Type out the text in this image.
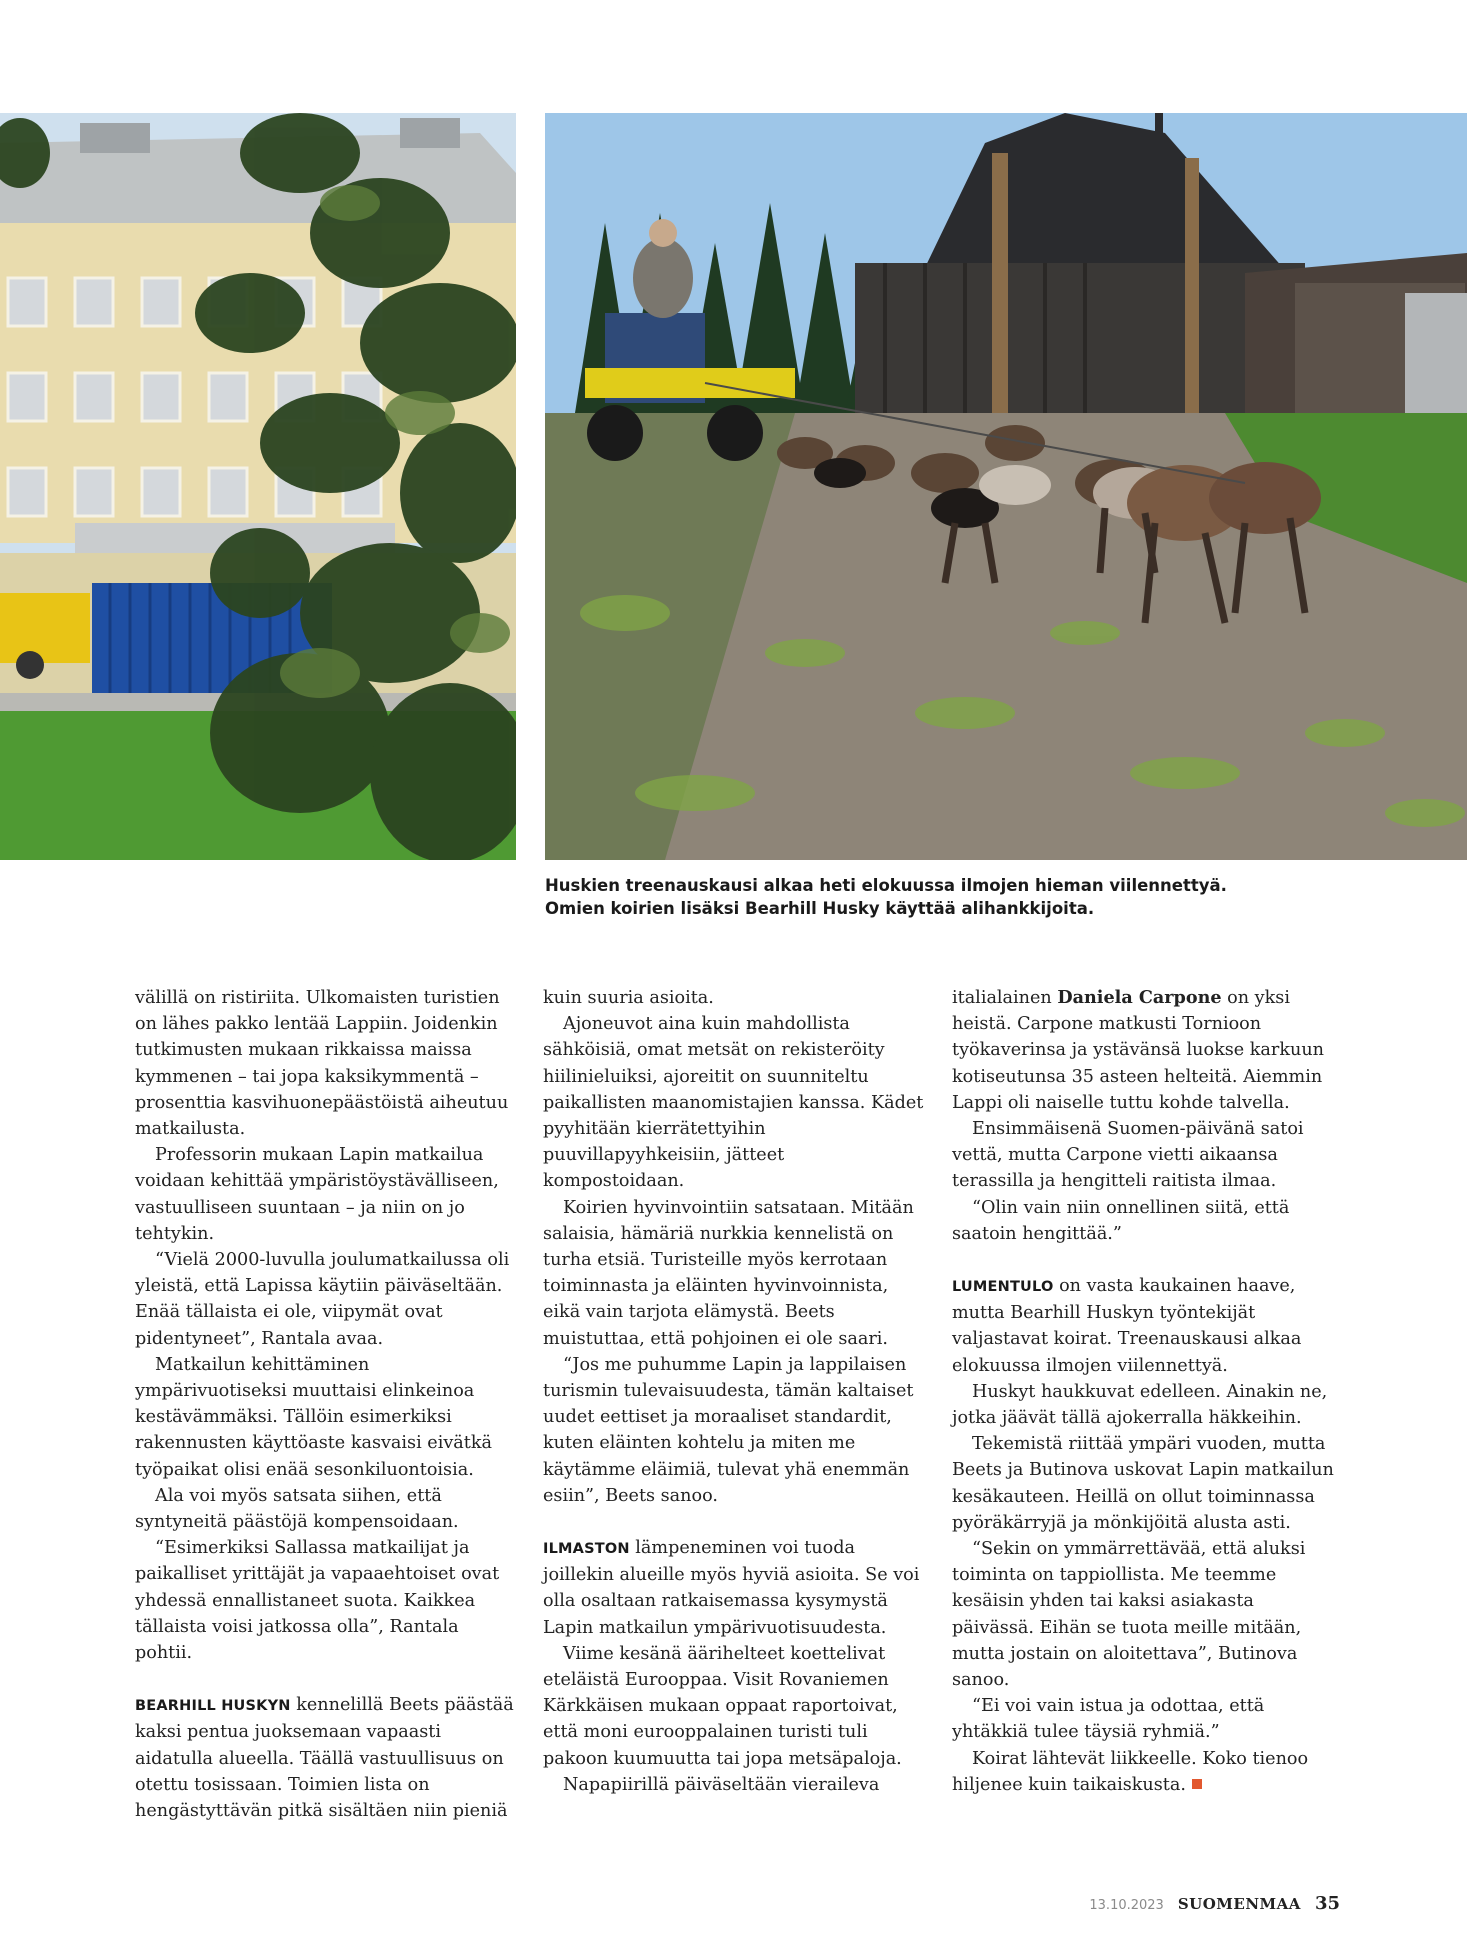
Huskien treenauskausi alkaa heti elokuussa ilmojen hieman viilennettyä.
Omien koirien lisäksi Bearhill Husky käyttää alihankkijoita.

välillä on ristiriita. Ulkomaisten turistien on lähes pakko lentää Lappiin. Joidenkin tutkimusten mukaan rikkaissa maissa kymmenen – tai jopa kaksikymmentä – prosenttia kasvihuonepäästöistä aiheutuu matkailusta.

Professorin mukaan Lapin matkailua voidaan kehittää ympäristöystävälliseen, vastuulliseen suuntaan – ja niin on jo tehtykin.

“Vielä 2000-luvulla joulumatkailussa oli yleistä, että Lapissa käytiin päiväseltään. Enää tällaista ei ole, viipymät ovat pidentyneet”, Rantala avaa.

Matkailun kehittäminen ympärivuotiseksi muuttaisi elinkeinoa kestävämmäksi. Tällöin esimerkiksi rakennusten käyttöaste kasvaisi eivätkä työpaikat olisi enää sesonkiluontoisia.

Ala voi myös satsata siihen, että syntyneitä päästöjä kompensoidaan.

“Esimerkiksi Sallassa matkailijat ja paikalliset yrittäjät ja vapaaehtoiset ovat yhdessä ennallistaneet suota. Kaikkea tällaista voisi jatkossa olla”, Rantala pohtii.

BEARHILL HUSKYN kennelillä Beets päästää kaksi pentua juoksemaan vapaasti aidatulla alueella. Täällä vastuullisuus on otettu tosissaan. Toimien lista on hengästyttävän pitkä sisältäen niin pieniä

kuin suuria asioita.

Ajoneuvot aina kuin mahdollista sähköisiä, omat metsät on rekisteröity hiilinieluiksi, ajoreitit on suunniteltu paikallisten maanomistajien kanssa. Kädet pyyhitään kierrätettyihin puuvillapyyhkeisiin, jätteet kompostoidaan.

Koirien hyvinvointiin satsataan. Mitään salaisia, hämäriä nurkkia kennelistä on turha etsiä. Turisteille myös kerrotaan toiminnasta ja eläinten hyvinvoinnista, eikä vain tarjota elämystä. Beets muistuttaa, että pohjoinen ei ole saari.

“Jos me puhumme Lapin ja lappilaisen turismin tulevaisuudesta, tämän kaltaiset uudet eettiset ja moraaliset standardit, kuten eläinten kohtelu ja miten me käytämme eläimiä, tulevat yhä enemmän esiin”, Beets sanoo.

ILMASTON lämpeneminen voi tuoda joillekin alueille myös hyviä asioita. Se voi olla osaltaan ratkaisemassa kysymystä Lapin matkailun ympärivuotisuudesta.

Viime kesänä äärihelteet koettelivat eteläistä Eurooppaa. Visit Rovaniemen Kärkkäisen mukaan oppaat raportoivat, että moni eurooppalainen turisti tuli pakoon kuumuutta tai jopa metsäpaloja.

Napapiirillä päiväseltään vieraileva

italialainen Daniela Carpone on yksi heistä. Carpone matkusti Tornioon työkaverinsa ja ystävänsä luokse karkuun kotiseutunsa 35 asteen helteitä. Aiemmin Lappi oli naiselle tuttu kohde talvella.

Ensimmäisenä Suomen-päivänä satoi vettä, mutta Carpone vietti aikaansa terassilla ja hengitteli raitista ilmaa.

“Olin vain niin onnellinen siitä, että saatoin hengittää.”

LUMENTULO on vasta kaukainen haave, mutta Bearhill Huskyn työntekijät valjastavat koirat. Treenauskausi alkaa elokuussa ilmojen viilennettyä.

Huskyt haukkuvat edelleen. Ainakin ne, jotka jäävät tällä ajokerralla häkkeihin.

Tekemistä riittää ympäri vuoden, mutta Beets ja Butinova uskovat Lapin matkailun kesäkauteen. Heillä on ollut toiminnassa pyöräkärryjä ja mönkijöitä alusta asti.

“Sekin on ymmärrettävää, että aluksi toiminta on tappiollista. Me teemme kesäisin yhden tai kaksi asiakasta päivässä. Eihän se tuota meille mitään, mutta jostain on aloitettava”, Butinova sanoo.

“Ei voi vain istua ja odottaa, että yhtäkkiä tulee täysiä ryhmiä.”

Koirat lähtevät liikkeelle. Koko tienoo hiljenee kuin taikaiskusta.

13.10.2023 SUOMENMAA 35
